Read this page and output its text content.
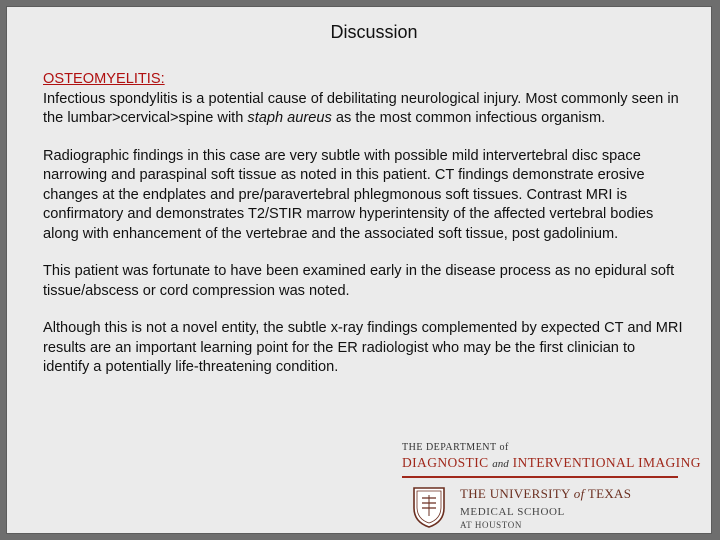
Discussion

OSTEOMYELITIS:
Infectious spondylitis is a potential cause of debilitating neurological injury. Most commonly seen in the lumbar>cervical>spine with staph aureus as the most common infectious organism.

Radiographic findings in this case are very subtle with possible mild intervertebral disc space narrowing and paraspinal soft tissue as noted in this patient. CT findings demonstrate erosive changes at the endplates and pre/paravertebral phlegmonous soft tissues. Contrast MRI is confirmatory and demonstrates T2/STIR marrow hyperintensity of the affected vertebral bodies along with enhancement of the vertebrae and the associated soft tissue, post gadolinium.

This patient was fortunate to have been examined early in the disease process as no epidural soft tissue/abscess or cord compression was noted.

Although this is not a novel entity, the subtle x-ray findings complemented by expected CT and MRI results are an important learning point for the ER radiologist who may be the first clinician to identify a potentially life-threatening condition.

THE DEPARTMENT of
DIAGNOSTIC and INTERVENTIONAL IMAGING
THE UNIVERSITY of TEXAS
MEDICAL SCHOOL
AT HOUSTON
